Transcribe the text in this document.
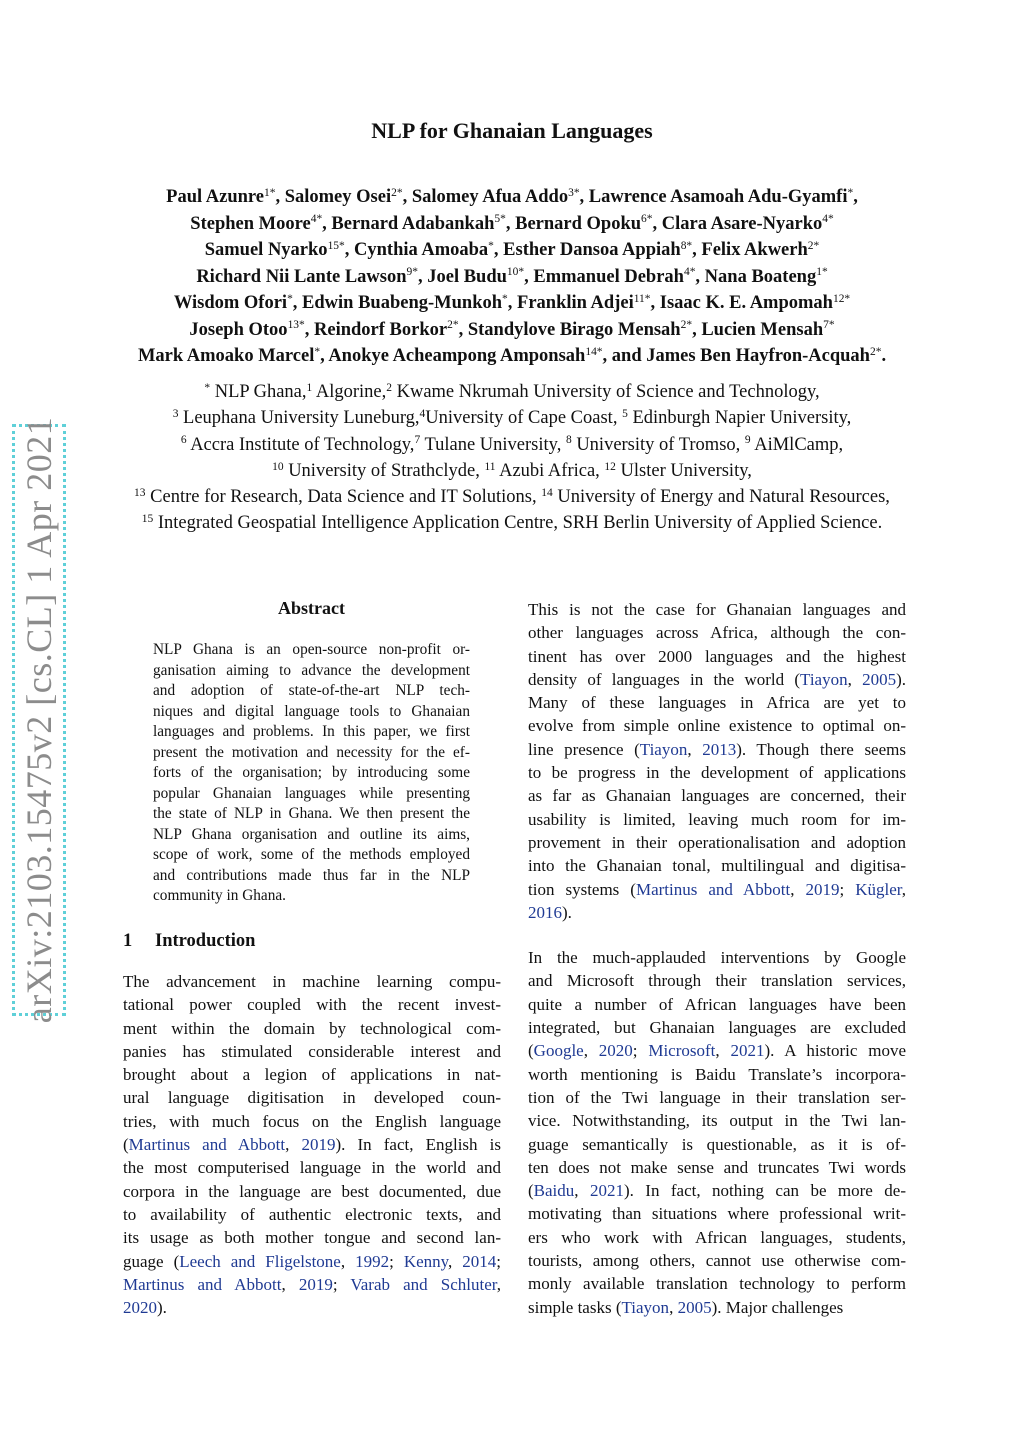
arXiv:2103.15475v2 [cs.CL] 1 Apr 2021
NLP for Ghanaian Languages
Paul Azunre$^{1*}$, Salomey Osei$^{2*}$, Salomey Afua Addo$^{3*}$, Lawrence Asamoah Adu-Gyamfi*,
Stephen Moore$^{4*}$, Bernard Adabankah$^{5*}$, Bernard Opoku$^{6*}$, Clara Asare-Nyarko$^{4*}$
Samuel Nyarko$^{15*}$, Cynthia Amoaba*, Esther Dansoa Appiah$^{8*}$, Felix Akwerh$^{2*}$
Richard Nii Lante Lawson$^{9*}$, Joel Budu$^{10*}$, Emmanuel Debrah$^{4*}$, Nana Boateng$^{1*}$
Wisdom Ofori*, Edwin Buabeng-Munkoh*, Franklin Adjei$^{11*}$, Isaac K. E. Ampomah$^{12*}$
Joseph Otoo$^{13*}$, Reindorf Borkor$^{2*}$, Standylove Birago Mensah$^{2*}$, Lucien Mensah$^{7*}$
Mark Amoako Marcel*, Anokye Acheampong Amponsah$^{14*}$, and James Ben Hayfron-Acquah$^{2*}$.
* NLP Ghana,$^1$ Algorine,$^2$ Kwame Nkrumah University of Science and Technology,
$^3$ Leuphana University Luneburg,$^4$University of Cape Coast, $^5$ Edinburgh Napier University,
$^6$ Accra Institute of Technology,$^7$ Tulane University, $^8$ University of Tromso, $^9$ AiMlCamp,
$^{10}$ University of Strathclyde, $^{11}$ Azubi Africa, $^{12}$ Ulster University,
$^{13}$ Centre for Research, Data Science and IT Solutions, $^{14}$ University of Energy and Natural Resources,
$^{15}$ Integrated Geospatial Intelligence Application Centre, SRH Berlin University of Applied Science.
Abstract
NLP Ghana is an open-source non-profit or-
ganisation aiming to advance the development
and adoption of state-of-the-art NLP tech-
niques and digital language tools to Ghanaian
languages and problems. In this paper, we first
present the motivation and necessity for the ef-
forts of the organisation; by introducing some
popular Ghanaian languages while presenting
the state of NLP in Ghana. We then present the
NLP Ghana organisation and outline its aims,
scope of work, some of the methods employed
and contributions made thus far in the NLP
community in Ghana.
1 Introduction
The advancement in machine learning compu-
tational power coupled with the recent invest-
ment within the domain by technological com-
panies has stimulated considerable interest and
brought about a legion of applications in nat-
ural language digitisation in developed coun-
tries, with much focus on the English language
(Martinus and Abbott, 2019). In fact, English is
the most computerised language in the world and
corpora in the language are best documented, due
to availability of authentic electronic texts, and
its usage as both mother tongue and second lan-
guage (Leech and Fligelstone, 1992; Kenny, 2014;
Martinus and Abbott, 2019; Varab and Schluter,
2020).

This is not the case for Ghanaian languages and
other languages across Africa, although the con-
tinent has over 2000 languages and the highest
density of languages in the world (Tiayon, 2005).
Many of these languages in Africa are yet to
evolve from simple online existence to optimal on-
line presence (Tiayon, 2013). Though there seems
to be progress in the development of applications
as far as Ghanaian languages are concerned, their
usability is limited, leaving much room for im-
provement in their operationalisation and adoption
into the Ghanaian tonal, multilingual and digitisa-
tion systems (Martinus and Abbott, 2019; Kügler,
2016).

In the much-applauded interventions by Google
and Microsoft through their translation services,
quite a number of African languages have been
integrated, but Ghanaian languages are excluded
(Google, 2020; Microsoft, 2021). A historic move
worth mentioning is Baidu Translate’s incorpora-
tion of the Twi language in their translation ser-
vice. Notwithstanding, its output in the Twi lan-
guage semantically is questionable, as it is of-
ten does not make sense and truncates Twi words
(Baidu, 2021). In fact, nothing can be more de-
motivating than situations where professional writ-
ers who work with African languages, students,
tourists, among others, cannot use otherwise com-
monly available translation technology to perform
simple tasks (Tiayon, 2005). Major challenges
